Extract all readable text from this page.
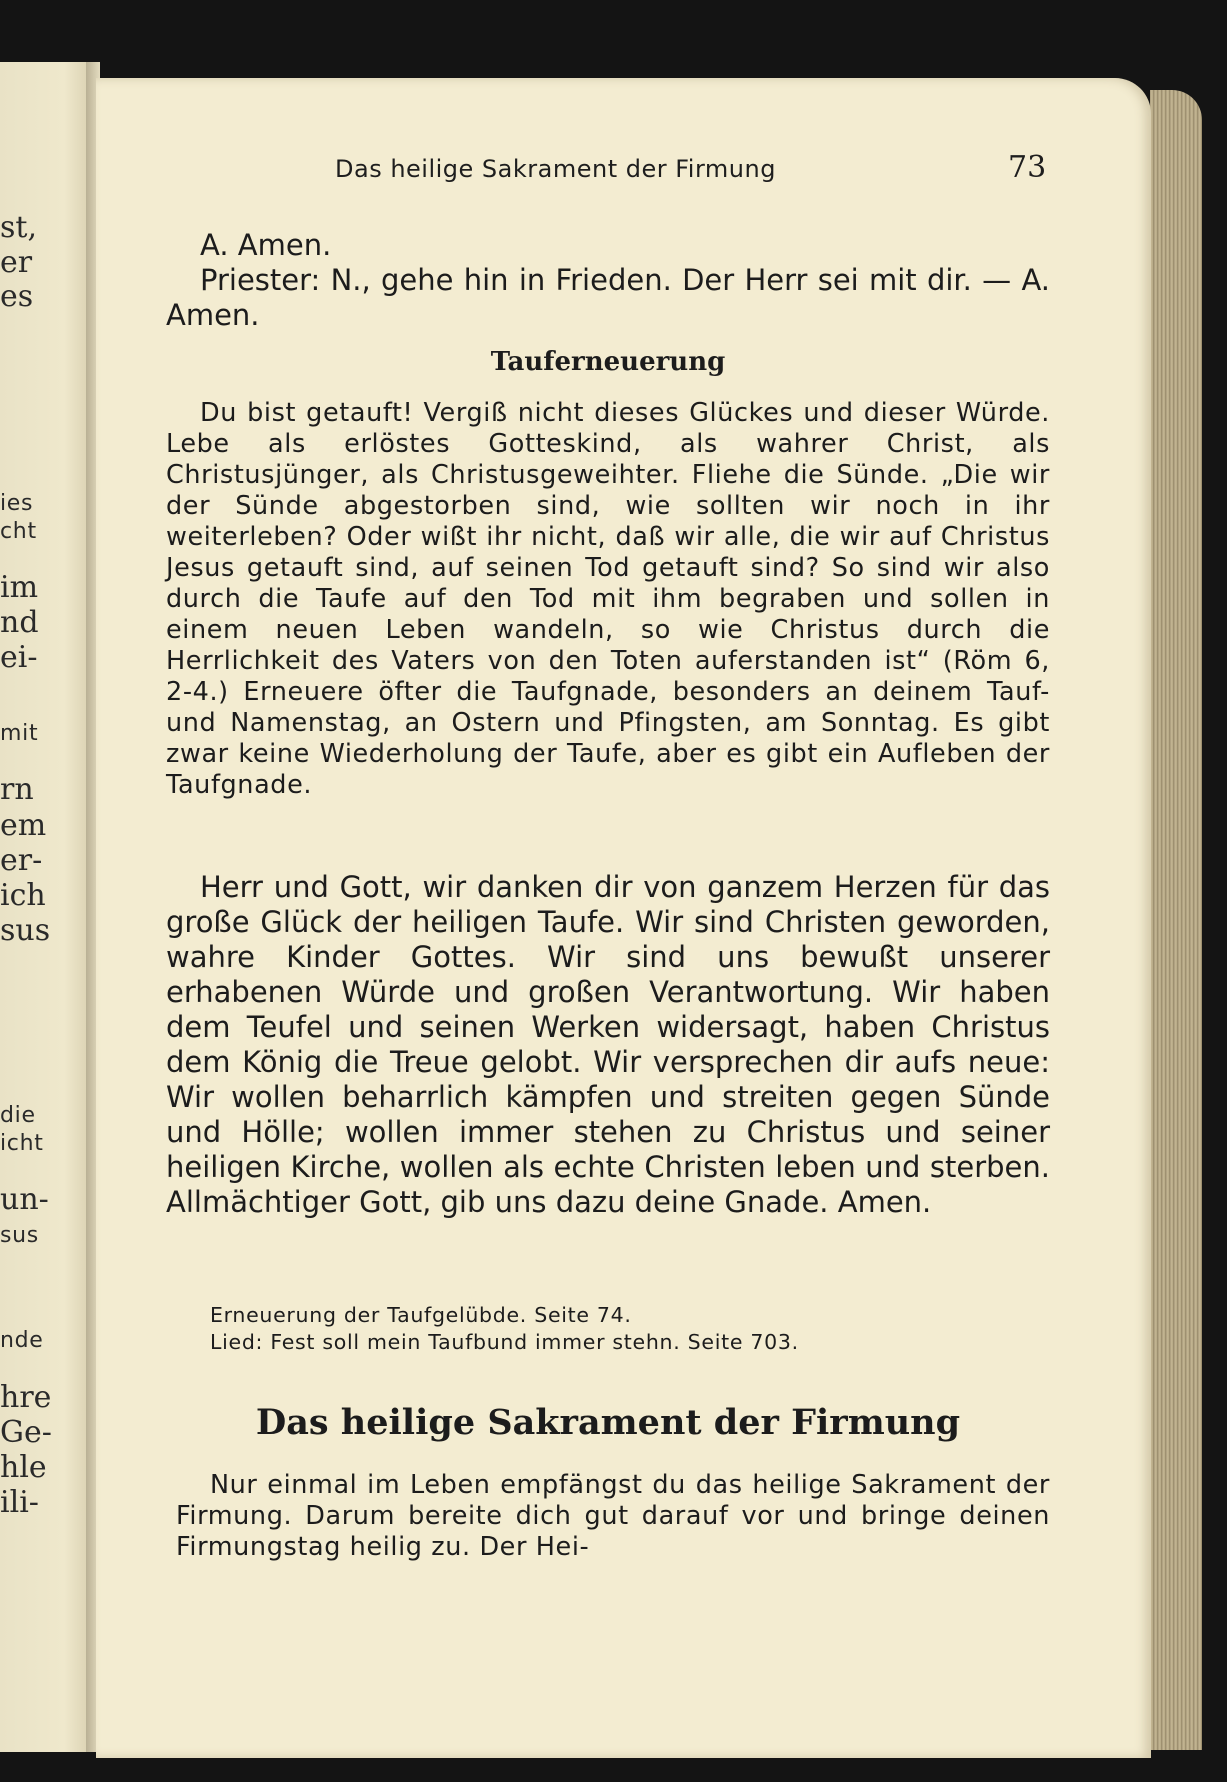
st,
er
es
ies
cht
im
nd
ei-
mit
rn
em
er-
ich
sus
die
icht
un-
sus
nde
hre
Ge-
hle
ili-
Das heilige Sakrament der Firmung	73
A. Amen.
Priester: N., gehe hin in Frieden. Der Herr sei mit dir. — A. Amen.
Tauferneuerung
Du bist getauft! Vergiß nicht dieses Glückes und dieser Würde. Lebe als erlöstes Gotteskind, als wahrer Christ, als Christusjünger, als Christusgeweihter. Fliehe die Sünde. „Die wir der Sünde abgestorben sind, wie sollten wir noch in ihr weiterleben? Oder wißt ihr nicht, daß wir alle, die wir auf Christus Jesus getauft sind, auf seinen Tod getauft sind? So sind wir also durch die Taufe auf den Tod mit ihm begraben und sollen in einem neuen Leben wandeln, so wie Christus durch die Herrlichkeit des Vaters von den Toten auferstanden ist“ (Röm 6, 2-4.) Erneuere öfter die Taufgnade, besonders an deinem Tauf- und Namenstag, an Ostern und Pfingsten, am Sonntag. Es gibt zwar keine Wiederholung der Taufe, aber es gibt ein Aufleben der Taufgnade.
Herr und Gott, wir danken dir von ganzem Herzen für das große Glück der heiligen Taufe. Wir sind Christen geworden, wahre Kinder Gottes. Wir sind uns bewußt unserer erhabenen Würde und großen Verantwortung. Wir haben dem Teufel und seinen Werken widersagt, haben Christus dem König die Treue gelobt. Wir versprechen dir aufs neue: Wir wollen beharrlich kämpfen und streiten gegen Sünde und Hölle; wollen immer stehen zu Christus und seiner heiligen Kirche, wollen als echte Christen leben und sterben. Allmächtiger Gott, gib uns dazu deine Gnade. Amen.
Erneuerung der Taufgelübde. Seite 74.
Lied: Fest soll mein Taufbund immer stehn. Seite 703.
Das heilige Sakrament der Firmung
Nur einmal im Leben empfängst du das heilige Sakrament der Firmung. Darum bereite dich gut darauf vor und bringe deinen Firmungstag heilig zu. Der Hei-
